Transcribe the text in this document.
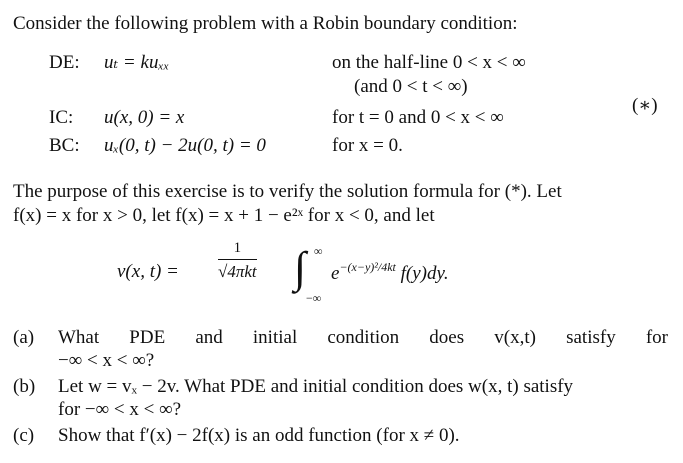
Consider the following problem with a Robin boundary condition:
DE: uₜ = kuₓₓ	on the half-line 0 < x < ∞
(and 0 < t < ∞)
(∗)
IC: u(x, 0) = x	for t = 0 and 0 < x < ∞
BC: uₓ(0, t) − 2u(0, t) = 0	for x = 0.
The purpose of this exercise is to verify the solution formula for (*). Let
f(x) = x for x > 0, let f(x) = x + 1 − e²ˣ for x < 0, and let
v(x, t) =	$\frac{1}{\text{√4πkt}}$ ∫ ∞
−∞
$e^{-(x-y)^2/4kt}$ f(y)dy.
(a) What PDE and initial condition does v(x,t) satisfy for
−∞ < x < ∞?
(b) Let w = vₓ − 2v. What PDE and initial condition does w(x, t) satisfy
for −∞ < x < ∞?
(c) Show that f′(x) − 2f(x) is an odd function (for x ≠ 0).
